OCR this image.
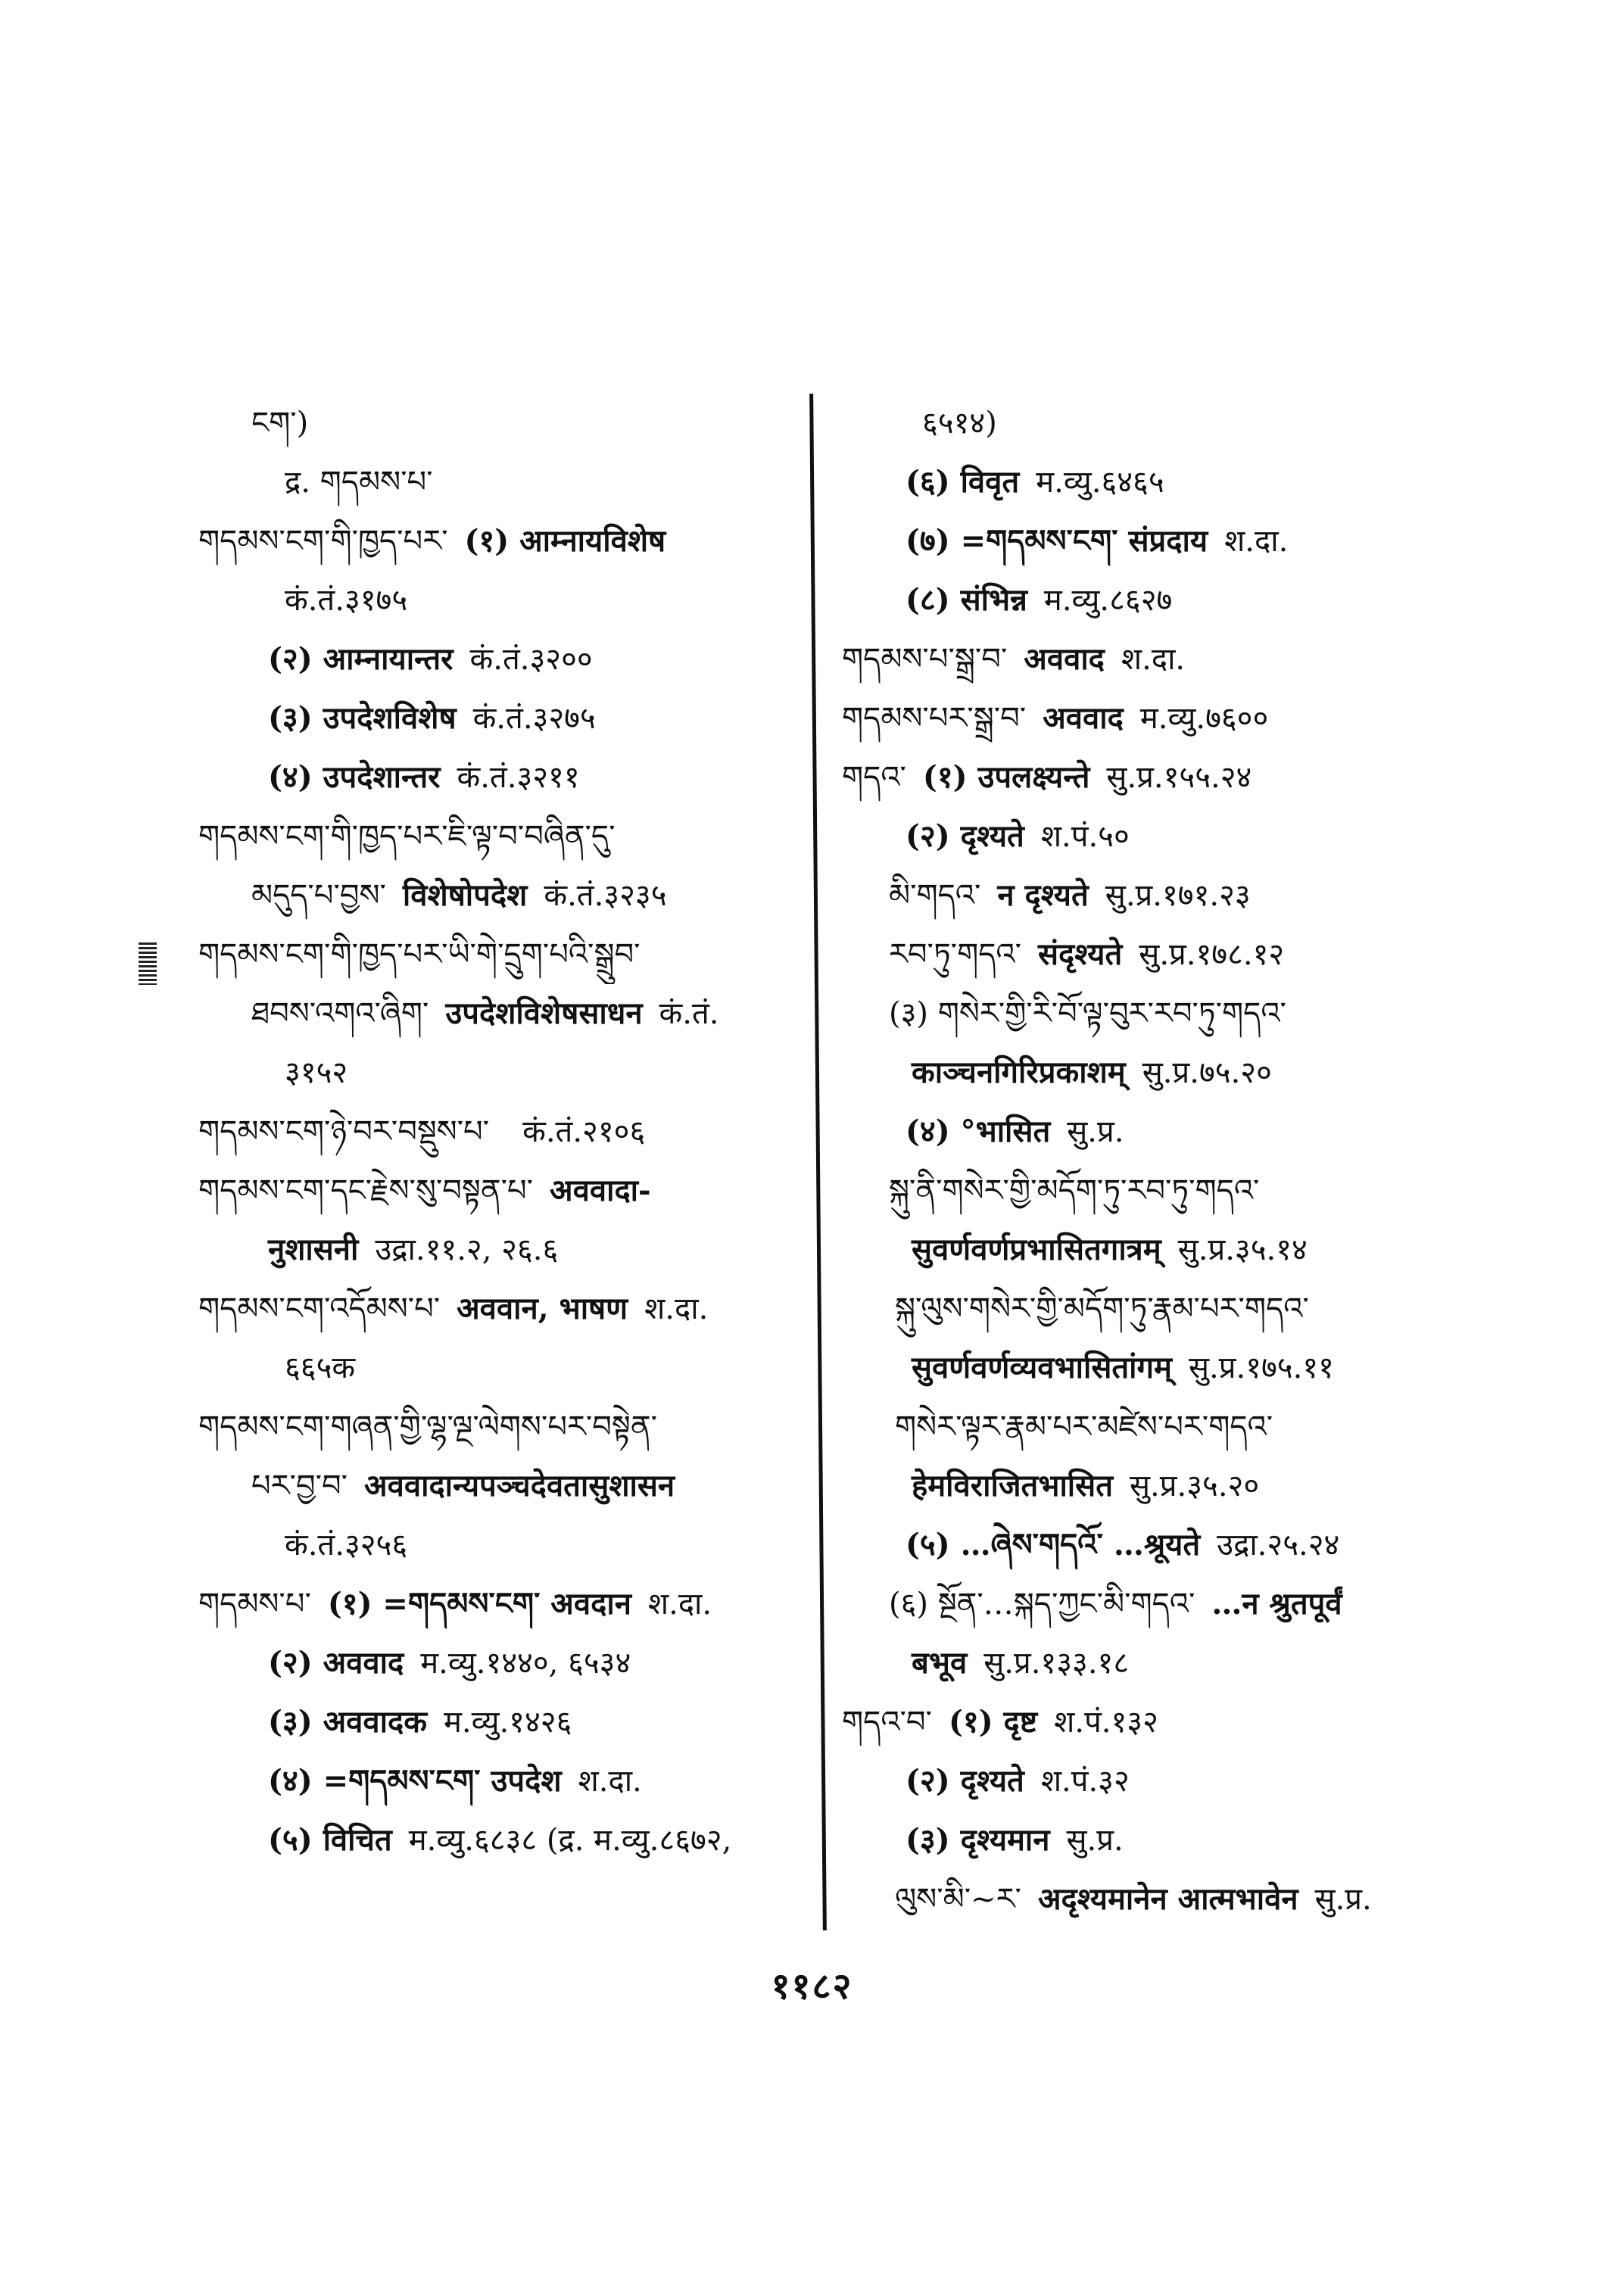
ངག་)
द्र. གདམས་པ་
གདམས་ངག་གི་ཁྱད་པར་ (१) आम्नायविशेष
कं.तं.३१७५
(२) आम्नायान्तर कं.तं.३२००
(३) उपदेशविशेष कं.तं.३२७५
(४) उपदेशान्तर कं.तं.३२११
གདམས་ངག་གི་ཁྱད་པར་ཇི་ལྟ་བ་བཞིན་དུ་
མདུད་པ་བྱས་ विशेषोपदेश कं.तं.३२३५
གདམས་ངག་གི་ཁྱད་པར་ཡི་གེ་དྲུག་པའི་སྒྲུབ་
ཐབས་འགའ་ཞིག་ उपदेशविशेषसाधन कं.तं.
३१५२
གདམས་ངག་ཉེ་བར་བསྡུས་པ་ कं.तं.२१०६
གདམས་ངག་དང་རྗེས་སུ་བསྟན་པ་ अववादा-
नुशासनी उद्रा.११.२, २६.६
གདམས་ངག་འདོམས་པ་ अववान, भाषण श.दा.
६६५क
གདམས་ངག་གཞན་གྱི་ལྷ་ལྔ་ལེགས་པར་བསྟེན་
པར་བྱ་བ་ अववादान्यपञ्चदेवतासुशासन
कं.तं.३२५६
གདམས་པ་ (१) =གདམས་ངག་ अवदान श.दा.
(२) अववाद म.व्यु.१४४०, ६५३४
(३) अववादक म.व्यु.१४२६
(४) =གདམས་ངག་ उपदेश श.दा.
(५) विचित म.व्यु.६८३८ (द्र. म.व्यु.८६७२,
६५१४)
(६) विवृत म.व्यु.६४६५
(७) =གདམས་ངག་ संप्रदाय श.दा.
(८) संभिन्न म.व्यु.८६२७
གདམས་པ་སྒྲ་བ་ अववाद श.दा.
གདམས་པར་སྒྲ་བ་ अववाद म.व्यु.७६००
གདའ་ (१) उपलक्ष्यन्ते सु.प्र.१५५.२४
(२) दृश्यते श.पं.५०
མི་གདའ་ न दृश्यते सु.प्र.१७१.२३
རབ་ཏུ་གདའ་ संदृश्यते सु.प्र.१७८.१२
(३) གསེར་གྱི་རི་བོ་ལྟ་བུར་རབ་ཏུ་གདའ་
काञ्चनगिरिप्रकाशम् सु.प्र.७५.२०
(४) °भासित सु.प्र.
སྐུ་ནི་གསེར་གྱི་མདོག་ཏུ་རབ་ཏུ་གདའ་
सुवर्णवर्णप्रभासितगात्रम् सु.प्र.३५.१४
སྐུ་ལུས་གསེར་གྱི་མདོག་ཏུ་རྣམ་པར་གདའ་
सुवर्णवर्णव्यवभासितांगम् सु.प्र.१७५.११
གསེར་ལྟར་རྣམ་པར་མཛེས་པར་གདའ་
हेमविराजितभासित सु.प्र.३५.२०
(५) …ཞེས་གདའོ་ …श्रूयते उद्रा.२५.२४
(६) སྔོན་…སྐད་ཀྱང་མི་གདའ་ …न श्रुतपूर्वं
बभूव सु.प्र.१३३.१८
གདའ་བ་ (१) दृष्ट श.पं.१३२
(२) दृश्यते श.पं.३२
(३) दृश्यमान सु.प्र.
ལུས་མི་~ར་ अदृश्यमानेन आत्मभावेन सु.प्र.
११८२
